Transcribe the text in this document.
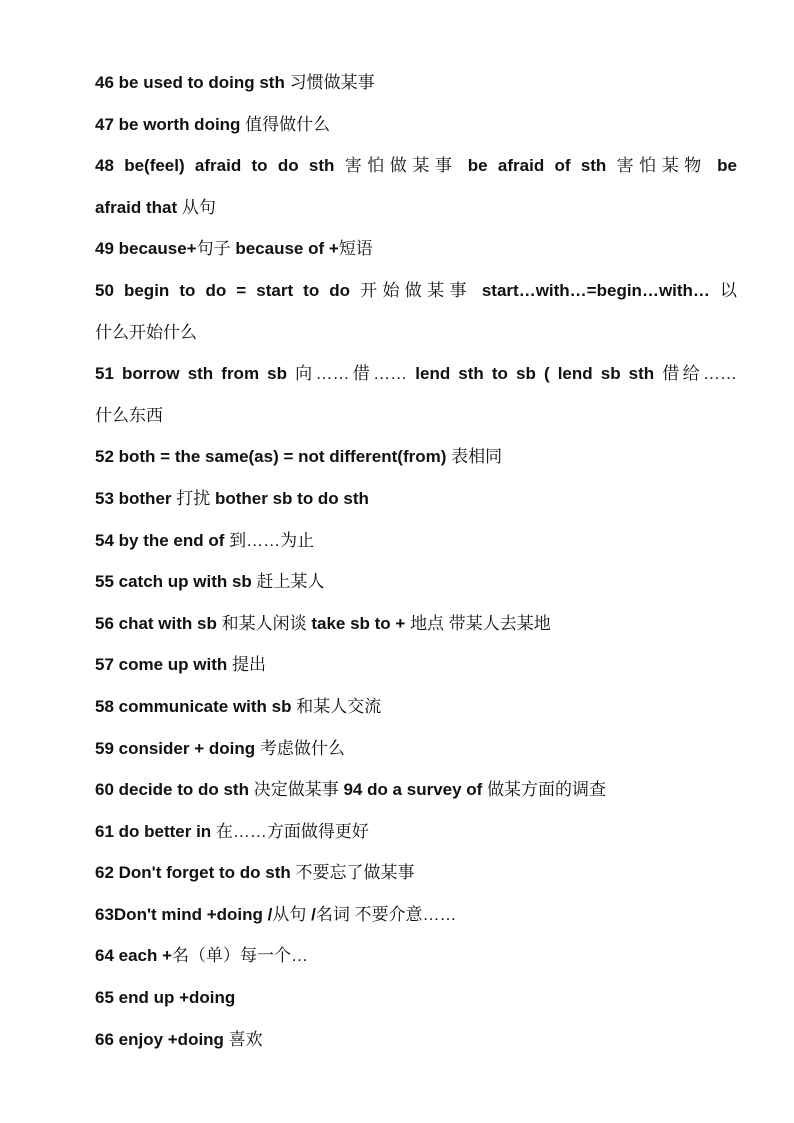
46 be used to doing sth 习惯做某事
47 be worth doing 值得做什么
48 be(feel) afraid to do sth 害怕做某事 be afraid of sth 害怕某物 be
afraid that 从句
49 because+句子 because of +短语
50 begin to do = start to do 开始做某事 start…with…=begin…with… 以
什么开始什么
51 borrow sth from sb 向……借…… lend sth to sb ( lend sb sth 借给……
什么东西
52 both = the same(as) = not different(from) 表相同
53 bother 打扰 bother sb to do sth
54 by the end of 到……为止
55 catch up with sb 赶上某人
56 chat with sb 和某人闲谈 take sb to + 地点 带某人去某地
57 come up with 提出
58 communicate with sb 和某人交流
59 consider + doing 考虑做什么
60 decide to do sth 决定做某事 94 do a survey of 做某方面的调查
61 do better in 在……方面做得更好
62 Don't forget to do sth 不要忘了做某事
63Don't mind +doing /从句 /名词 不要介意……
64 each +名（单）每一个…
65 end up +doing
66 enjoy +doing 喜欢
